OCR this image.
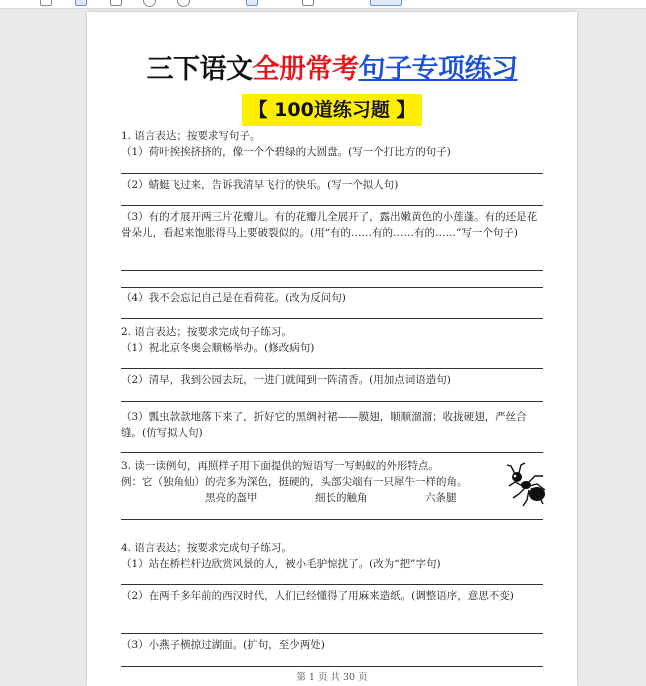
三下语文全册常考句子专项练习
【 100道练习题 】
1. 语言表达；按要求写句子。
（1）荷叶挨挨挤挤的，像一个个碧绿的大圆盘。(写一个打比方的句子)
（2）蜻蜓飞过来，告诉我清早飞行的快乐。(写一个拟人句)
（3）有的才展开两三片花瓣儿。有的花瓣儿全展开了，露出嫩黄色的小莲蓬。有的还是花骨朵儿，看起来饱胀得马上要破裂似的。(用“有的……有的……有的……”写一个句子)
（4）我不会忘记自己是在看荷花。(改为反问句)
2. 语言表达；按要求完成句子练习。
（1）祝北京冬奥会顺畅举办。(修改病句)
（2）清早，我到公园去玩，一进门就闻到一阵清香。(用加点词语造句)
（3）瓢虫款款地落下来了，折好它的黑绸衬裙——膜翅，顺顺溜溜；收拢硬翅，严丝合缝。(仿写拟人句)
3. 读一读例句，再照样子用下面提供的短语写一写蚂蚁的外形特点。
例：它（独角仙）的壳多为深色，挺硬的，头部尖端有一只犀牛一样的角。
黑亮的盔甲	细长的触角	六条腿
4. 语言表达；按要求完成句子练习。
（1）站在桥栏杆边欣赏风景的人，被小毛驴惊扰了。(改为“把”字句)
（2）在两千多年前的西汉时代，人们已经懂得了用麻来造纸。(调整语序，意思不变)
（3）小燕子横掠过湖面。(扩句，至少两处)
第 1 页 共 30 页
